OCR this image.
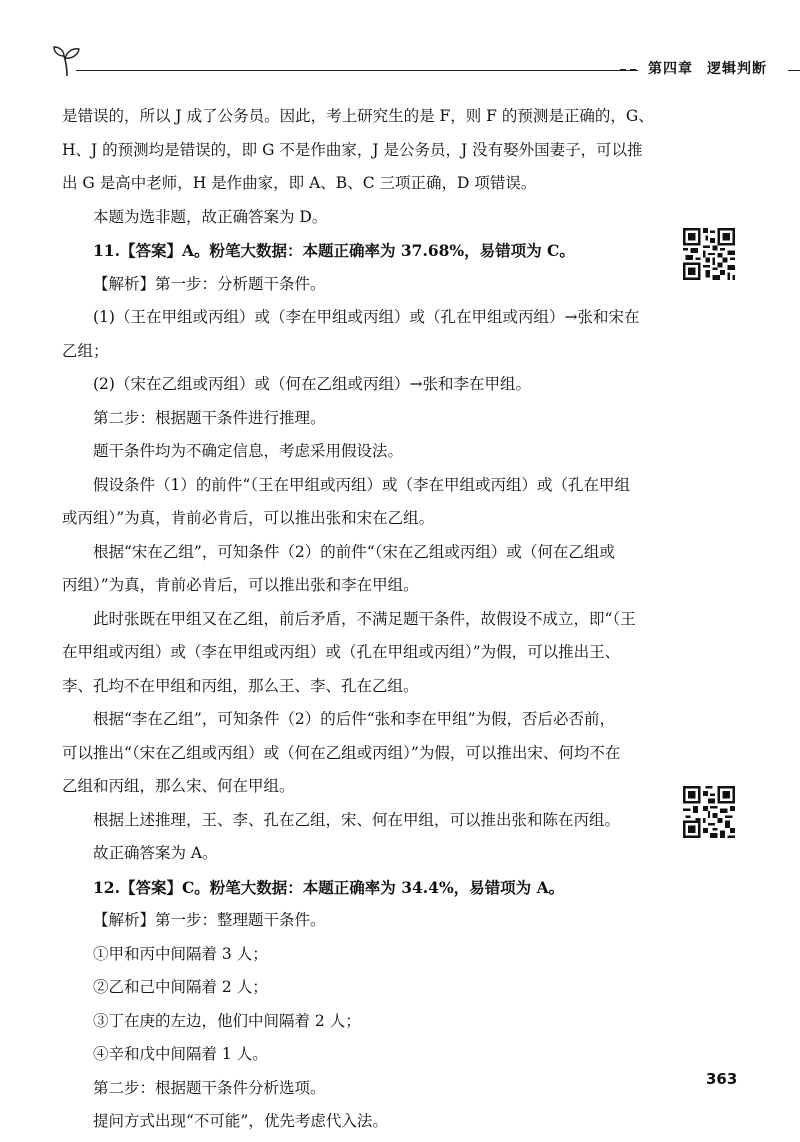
第四章 逻辑判断

是错误的，所以 J 成了公务员。因此，考上研究生的是 F，则 F 的预测是正确的，G、

H、J 的预测均是错误的，即 G 不是作曲家，J 是公务员，J 没有娶外国妻子，可以推

出 G 是高中老师，H 是作曲家，即 A、B、C 三项正确，D 项错误。

本题为选非题，故正确答案为 D。

11.【答案】A。粉笔大数据：本题正确率为 37.68%，易错项为 C。

【解析】第一步：分析题干条件。

(1)（王在甲组或丙组）或（李在甲组或丙组）或（孔在甲组或丙组）→张和宋在

乙组；

(2)（宋在乙组或丙组）或（何在乙组或丙组）→张和李在甲组。

第二步：根据题干条件进行推理。

题干条件均为不确定信息，考虑采用假设法。

假设条件（1）的前件“（王在甲组或丙组）或（李在甲组或丙组）或（孔在甲组

或丙组）”为真，肯前必肯后，可以推出张和宋在乙组。

根据“宋在乙组”，可知条件（2）的前件“（宋在乙组或丙组）或（何在乙组或

丙组）”为真，肯前必肯后，可以推出张和李在甲组。

此时张既在甲组又在乙组，前后矛盾，不满足题干条件，故假设不成立，即“（王

在甲组或丙组）或（李在甲组或丙组）或（孔在甲组或丙组）”为假，可以推出王、

李、孔均不在甲组和丙组，那么王、李、孔在乙组。

根据“李在乙组”，可知条件（2）的后件“张和李在甲组”为假，否后必否前，

可以推出“（宋在乙组或丙组）或（何在乙组或丙组）”为假，可以推出宋、何均不在

乙组和丙组，那么宋、何在甲组。

根据上述推理，王、李、孔在乙组，宋、何在甲组，可以推出张和陈在丙组。

故正确答案为 A。

12.【答案】C。粉笔大数据：本题正确率为 34.4%，易错项为 A。

【解析】第一步：整理题干条件。

①甲和丙中间隔着 3 人；

②乙和己中间隔着 2 人；

③丁在庚的左边，他们中间隔着 2 人；

④辛和戊中间隔着 1 人。

第二步：根据题干条件分析选项。

提问方式出现“不可能”，优先考虑代入法。

363
